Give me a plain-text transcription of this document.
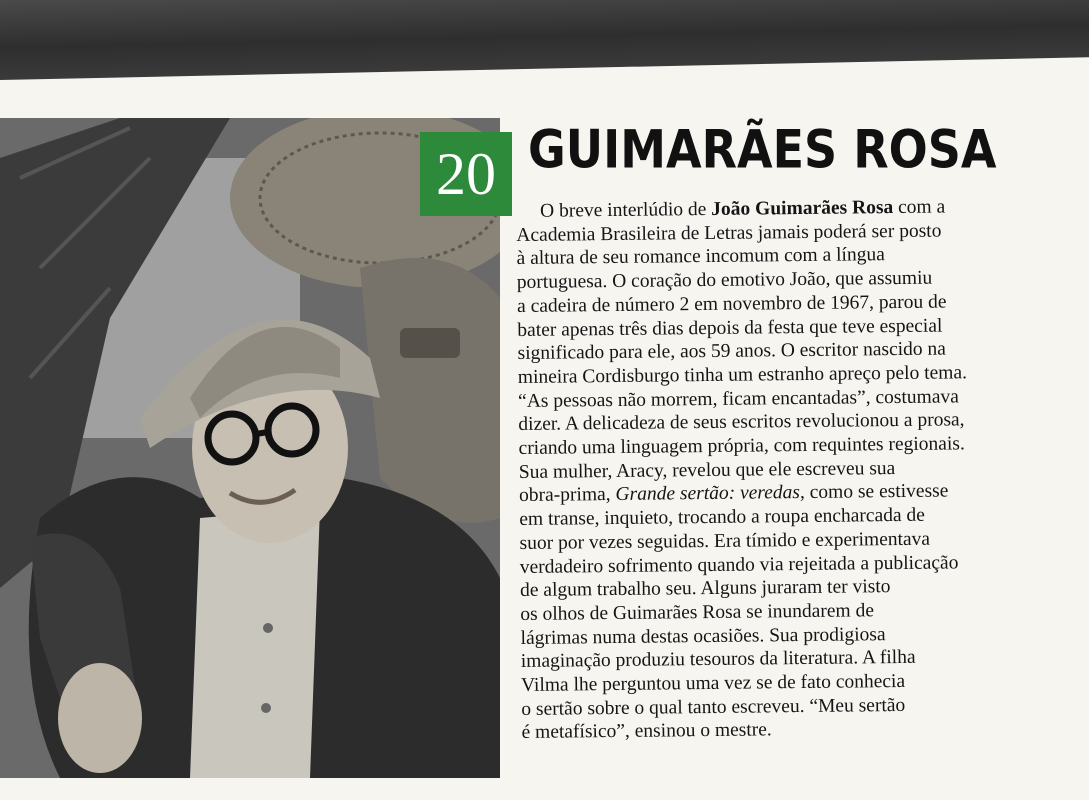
20 GUIMARÃES ROSA
O breve interlúdio de João Guimarães Rosa com a
Academia Brasileira de Letras jamais poderá ser posto
à altura de seu romance incomum com a língua
portuguesa. O coração do emotivo João, que assumiu
a cadeira de número 2 em novembro de 1967, parou de
bater apenas três dias depois da festa que teve especial
significado para ele, aos 59 anos. O escritor nascido na
mineira Cordisburgo tinha um estranho apreço pelo tema.
“As pessoas não morrem, ficam encantadas”, costumava
dizer. A delicadeza de seus escritos revolucionou a prosa,
criando uma linguagem própria, com requintes regionais.
Sua mulher, Aracy, revelou que ele escreveu sua
obra-prima, Grande sertão: veredas, como se estivesse
em transe, inquieto, trocando a roupa encharcada de
suor por vezes seguidas. Era tímido e experimentava
verdadeiro sofrimento quando via rejeitada a publicação
de algum trabalho seu. Alguns juraram ter visto
os olhos de Guimarães Rosa se inundarem de
lágrimas numa destas ocasiões. Sua prodigiosa
imaginação produziu tesouros da literatura. A filha
Vilma lhe perguntou uma vez se de fato conhecia
o sertão sobre o qual tanto escreveu. “Meu sertão
é metafísico”, ensinou o mestre.
